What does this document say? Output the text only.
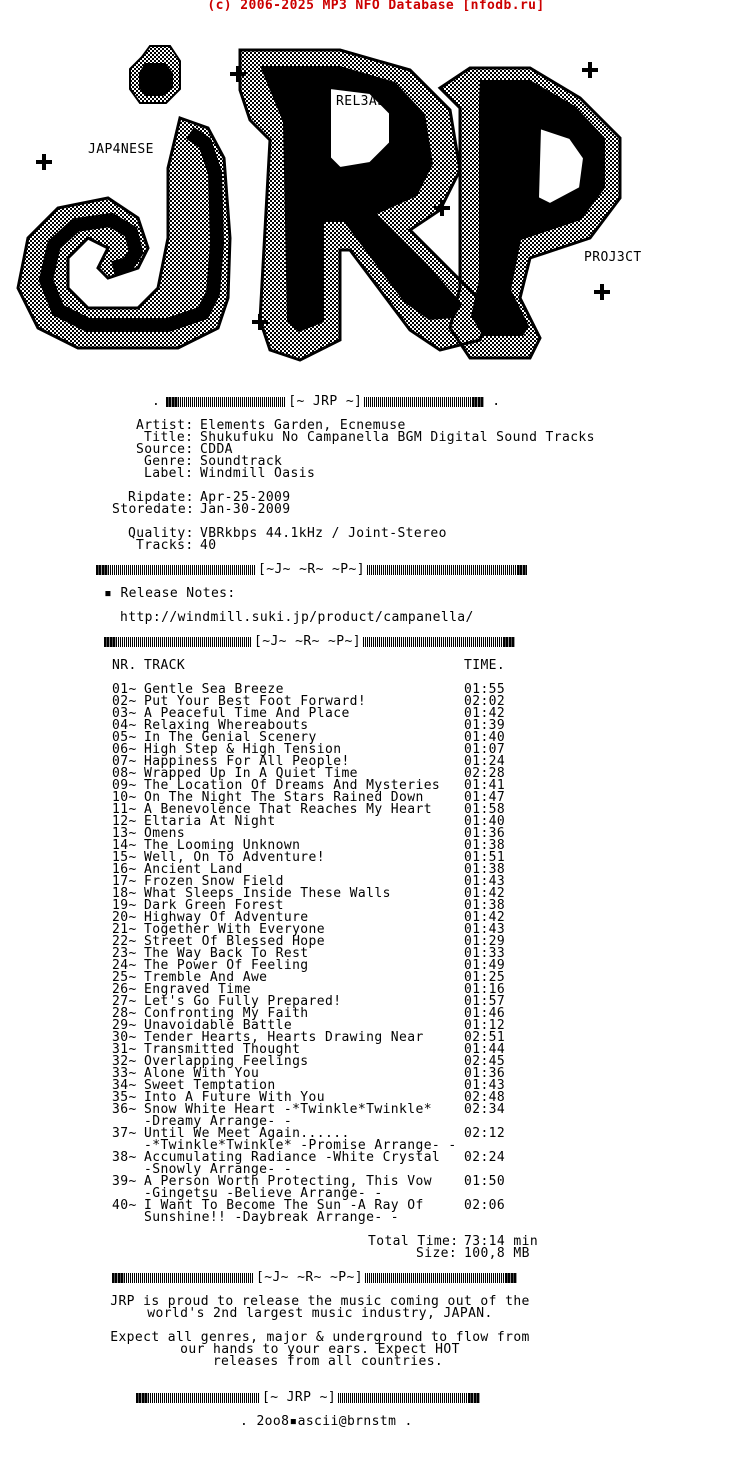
(c) 2006-2025 MP3 NFO Database [nfodb.ru]
REL3ASE
JAP4NESE
PROJ3CT
.	[~ JRP ~]	.
Artist: Elements Garden, Ecnemuse
Title: Shukufuku No Campanella BGM Digital Sound Tracks
Source: CDDA
Genre: Soundtrack
Label: Windmill Oasis
Ripdate: Apr-25-2009
Storedate: Jan-30-2009
Quality: VBRkbps 44.1kHz / Joint-Stereo
Tracks: 40
[~J~ ~R~ ~P~]
▪ Release Notes:
http://windmill.suki.jp/product/campanella/
[~J~ ~R~ ~P~]
NR. TRACK	TIME.
01~ Gentle Sea Breeze	01:55
02~ Put Your Best Foot Forward!	02:02
03~ A Peaceful Time And Place	01:42
04~ Relaxing Whereabouts	01:39
05~ In The Genial Scenery	01:40
06~ High Step & High Tension	01:07
07~ Happiness For All People!	01:24
08~ Wrapped Up In A Quiet Time	02:28
09~ The Location Of Dreams And Mysteries 01:41
10~ On The Night The Stars Rained Down	01:47
11~ A Benevolence That Reaches My Heart 01:58
12~ Eltaria At Night	01:40
13~ Omens	01:36
14~ The Looming Unknown	01:38
15~ Well, On To Adventure!	01:51
16~ Ancient Land	01:38
17~ Frozen Snow Field	01:43
18~ What Sleeps Inside These Walls	01:42
19~ Dark Green Forest	01:38
20~ Highway Of Adventure	01:42
21~ Together With Everyone	01:43
22~ Street Of Blessed Hope	01:29
23~ The Way Back To Rest	01:33
24~ The Power Of Feeling	01:49
25~ Tremble And Awe	01:25
26~ Engraved Time	01:16
27~ Let's Go Fully Prepared!	01:57
28~ Confronting My Faith	01:46
29~ Unavoidable Battle	01:12
30~ Tender Hearts, Hearts Drawing Near	02:51
31~ Transmitted Thought	01:44
32~ Overlapping Feelings	02:45
33~ Alone With You	01:36
34~ Sweet Temptation	01:43
35~ Into A Future With You	02:48
36~ Snow White Heart -*Twinkle*Twinkle* 02:34
-Dreamy Arrange- -
37~ Until We Meet Again......	02:12
-*Twinkle*Twinkle* -Promise Arrange- -
38~ Accumulating Radiance -White Crystal 02:24
-Snowly Arrange- -
39~ A Person Worth Protecting, This Vow 01:50
-Gingetsu -Believe Arrange- -
40~ I Want To Become The Sun -A Ray Of	02:06
Sunshine!! -Daybreak Arrange- -
Total Time: 73:14 min
Size: 100,8 MB
[~J~ ~R~ ~P~]
JRP is proud to release the music coming out of the
world's 2nd largest music industry, JAPAN.
Expect all genres, major & underground to flow from
our hands to your ears. Expect HOT
releases from all countries.
[~ JRP ~]
. 2oo8▪ascii@brnstm .
